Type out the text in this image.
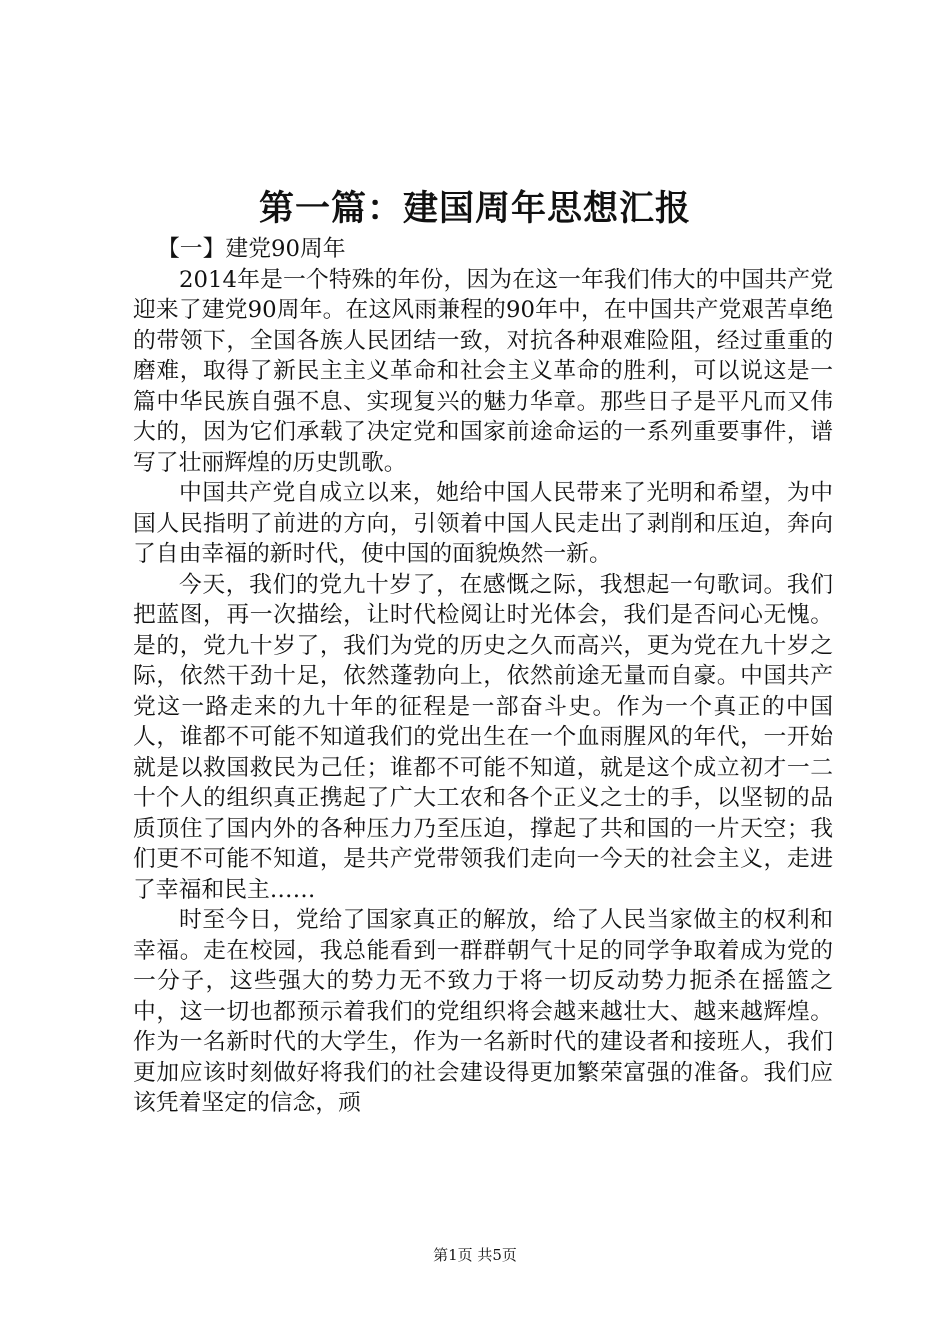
第一篇：建国周年思想汇报

【一】建党90周年

2014年是一个特殊的年份，因为在这一年我们伟大的中国共产党迎来了建党90周年。在这风雨兼程的90年中，在中国共产党艰苦卓绝的带领下，全国各族人民团结一致，对抗各种艰难险阻，经过重重的磨难，取得了新民主主义革命和社会主义革命的胜利，可以说这是一篇中华民族自强不息、实现复兴的魅力华章。那些日子是平凡而又伟大的，因为它们承载了决定党和国家前途命运的一系列重要事件，谱写了壮丽辉煌的历史凯歌。

中国共产党自成立以来，她给中国人民带来了光明和希望，为中国人民指明了前进的方向，引领着中国人民走出了剥削和压迫，奔向了自由幸福的新时代，使中国的面貌焕然一新。

今天，我们的党九十岁了，在感慨之际，我想起一句歌词。我们把蓝图，再一次描绘，让时代检阅让时光体会，我们是否问心无愧。是的，党九十岁了，我们为党的历史之久而高兴，更为党在九十岁之际，依然干劲十足，依然蓬勃向上，依然前途无量而自豪。中国共产党这一路走来的九十年的征程是一部奋斗史。作为一个真正的中国人，谁都不可能不知道我们的党出生在一个血雨腥风的年代，一开始就是以救国救民为己任；谁都不可能不知道，就是这个成立初才一二十个人的组织真正携起了广大工农和各个正义之士的手，以坚韧的品质顶住了国内外的各种压力乃至压迫，撑起了共和国的一片天空；我们更不可能不知道，是共产党带领我们走向一今天的社会主义，走进了幸福和民主……

时至今日，党给了国家真正的解放，给了人民当家做主的权利和幸福。走在校园，我总能看到一群群朝气十足的同学争取着成为党的一分子，这些强大的势力无不致力于将一切反动势力扼杀在摇篮之中，这一切也都预示着我们的党组织将会越来越壮大、越来越辉煌。作为一名新时代的大学生，作为一名新时代的建设者和接班人，我们更加应该时刻做好将我们的社会建设得更加繁荣富强的准备。我们应该凭着坚定的信念，顽

第1页 共5页
